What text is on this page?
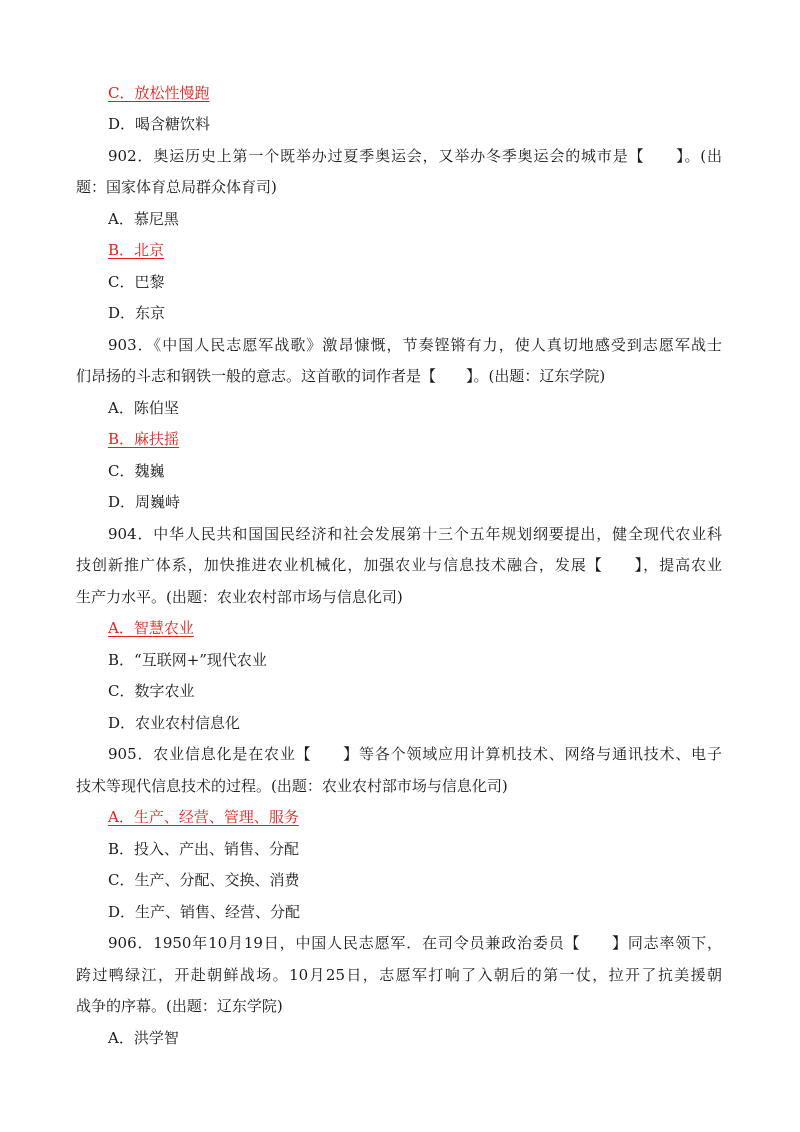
C．放松性慢跑
D．喝含糖饮料
902．奥运历史上第一个既举办过夏季奥运会，又举办冬季奥运会的城市是【　　】。(出
题：国家体育总局群众体育司)
A．慕尼黑
B．北京
C．巴黎
D．东京
903．《中国人民志愿军战歌》激昂慷慨，节奏铿锵有力，使人真切地感受到志愿军战士
们昂扬的斗志和钢铁一般的意志。这首歌的词作者是【　　】。(出题：辽东学院)
A．陈伯坚
B．麻扶摇
C．魏巍
D．周巍峙
904．中华人民共和国国民经济和社会发展第十三个五年规划纲要提出，健全现代农业科
技创新推广体系，加快推进农业机械化，加强农业与信息技术融合，发展【　　】，提高农业
生产力水平。(出题：农业农村部市场与信息化司)
A．智慧农业
B．“互联网+”现代农业
C．数字农业
D．农业农村信息化
905．农业信息化是在农业【　　】等各个领域应用计算机技术、网络与通讯技术、电子
技术等现代信息技术的过程。(出题：农业农村部市场与信息化司)
A．生产、经营、管理、服务
B．投入、产出、销售、分配
C．生产、分配、交换、消费
D．生产、销售、经营、分配
906．1950年10月19日，中国人民志愿军．在司令员兼政治委员【　　】同志率领下，
跨过鸭绿江，开赴朝鲜战场。10月25日，志愿军打响了入朝后的第一仗，拉开了抗美援朝
战争的序幕。(出题：辽东学院)
A．洪学智
